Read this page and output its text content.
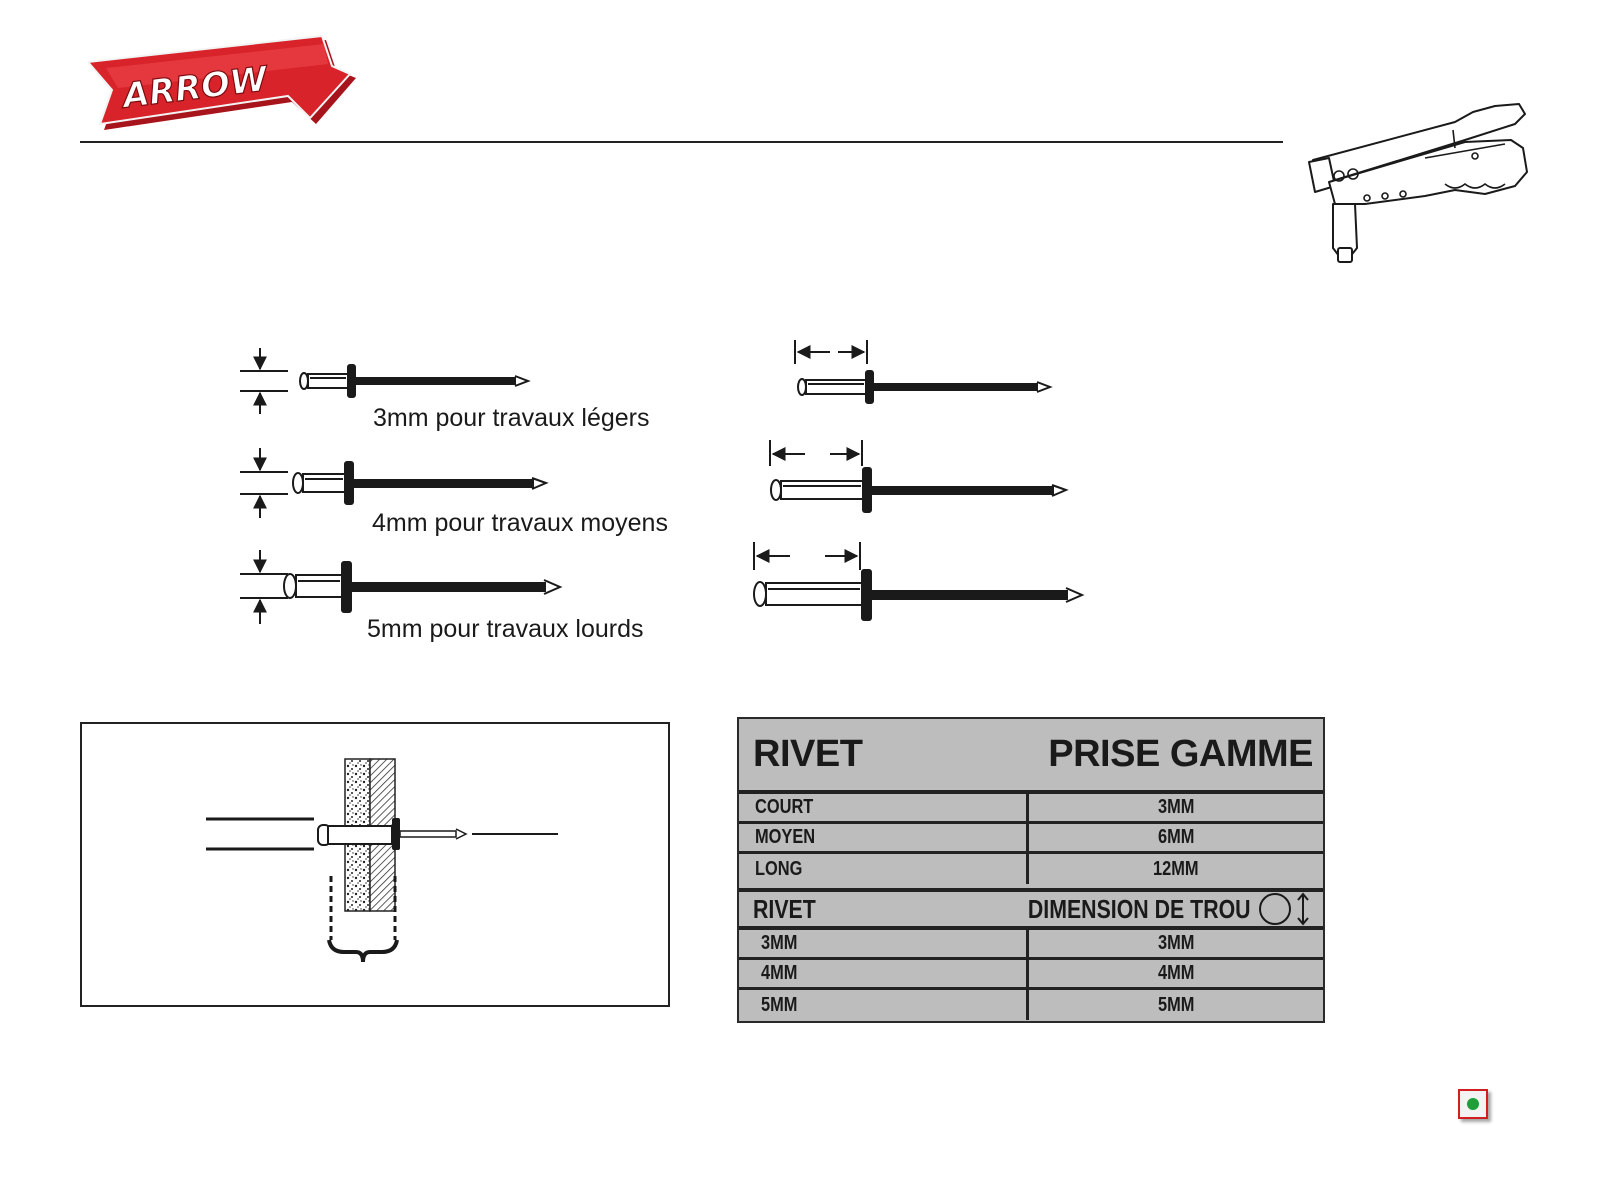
ARROW
3mm pour travaux légers
4mm pour travaux moyens
5mm pour travaux lourds
RIVET	PRISE GAMME
COURT	3MM
MOYEN	6MM
LONG	12MM
RIVET	DIMENSION DE TROU
3MM	3MM
4MM	4MM
5MM	5MM
